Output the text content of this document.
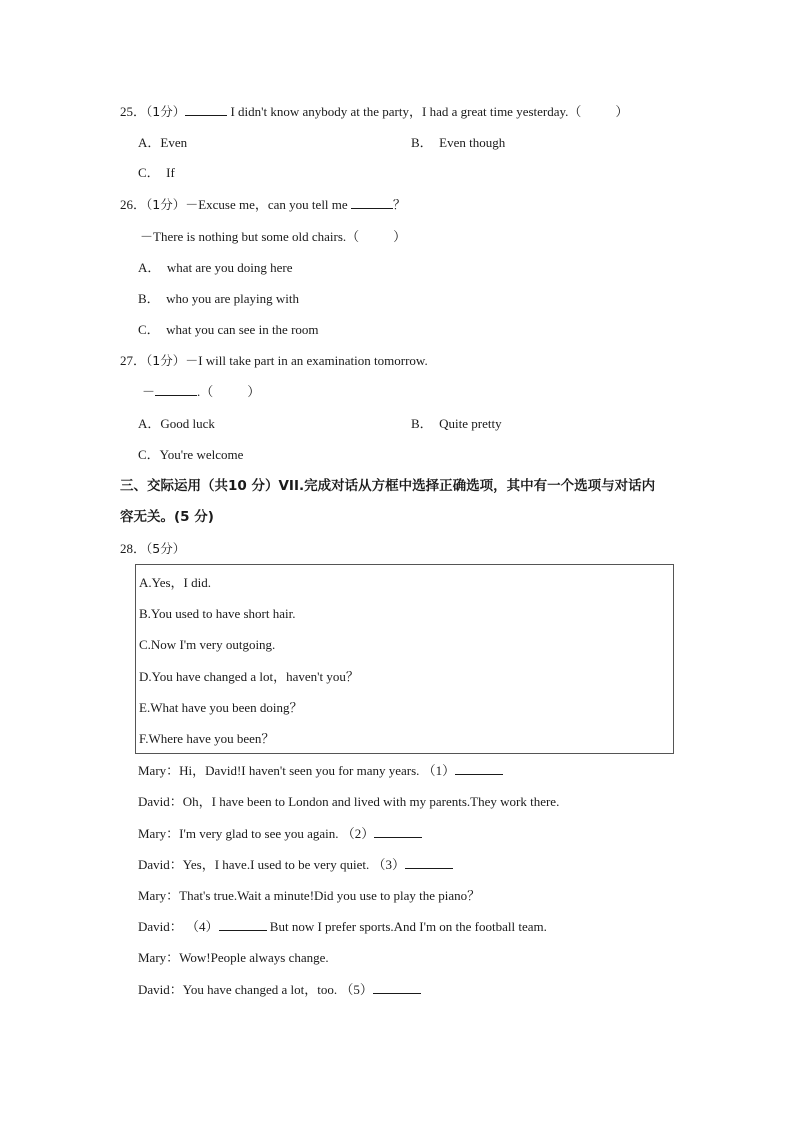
25．（1分）	I didn't know anybody at the party，I had a great time yesterday.（	）
A．Even	B． Even though
C． If
26．（1分）－Excuse me，can you tell me	？
－There is nothing but some old chairs.（	）
A． what are you doing here
B． who you are playing with
C． what you can see in the room
27．（1分）－I will take part in an examination tomorrow.
－	.（	）
A．Good luck	B． Quite pretty
C．You're welcome
三、交际运用（共10 分）VII.完成对话从方框中选择正确选项，其中有一个选项与对话内
容无关。(5 分)
28．（5分）
A.Yes，I did.
B.You used to have short hair.
C.Now I'm very outgoing.
D.You have changed a lot，haven't you？
E.What have you been doing？
F.Where have you been？
Mary：Hi，David!I haven't seen you for many years. （1）
David：Oh，I have been to London and lived with my parents.They work there.
Mary：I'm very glad to see you again. （2）
David：Yes，I have.I used to be very quiet. （3）
Mary：That's true.Wait a minute!Did you use to play the piano？
David： （4）	But now I prefer sports.And I'm on the football team.
Mary：Wow!People always change.
David：You have changed a lot，too. （5）
